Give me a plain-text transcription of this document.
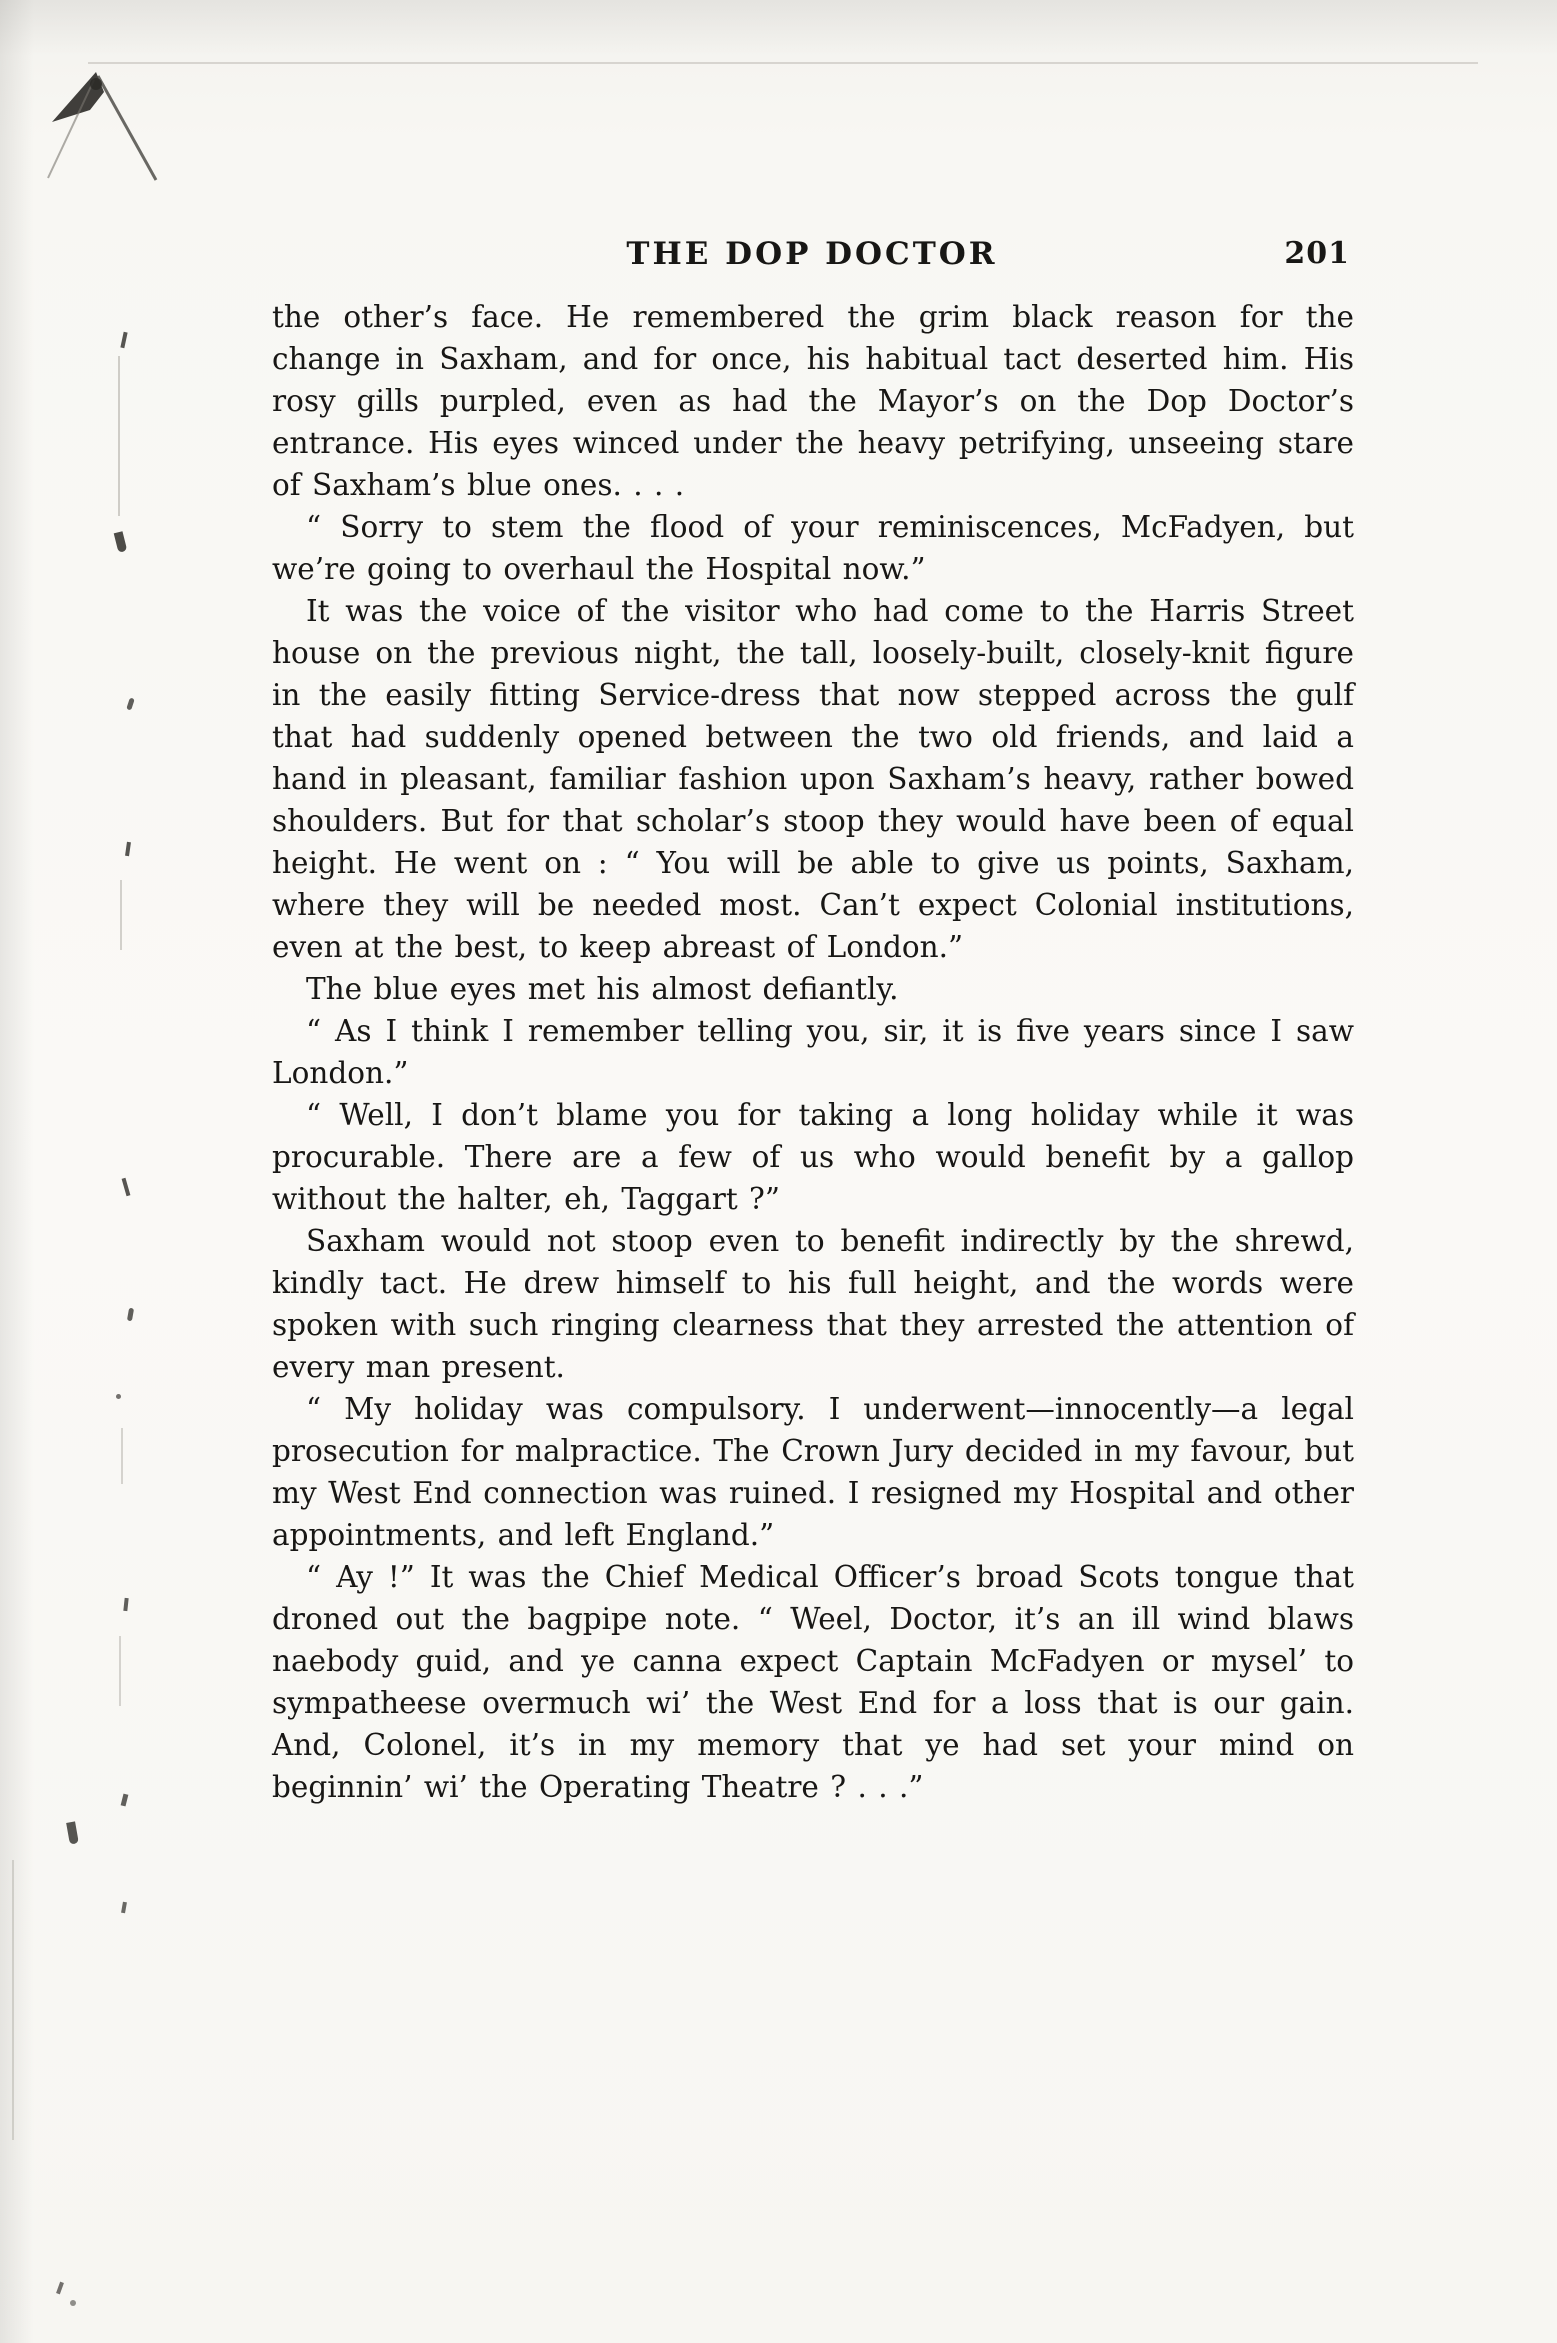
THE DOP DOCTOR	201

the other’s face. He remembered the grim black reason for the change in Saxham, and for once, his habitual tact deserted him. His rosy gills purpled, even as had the Mayor’s on the Dop Doctor’s entrance. His eyes winced under the heavy petrifying, unseeing stare of Saxham’s blue ones. . . .

“ Sorry to stem the flood of your reminiscences, McFadyen, but we’re going to overhaul the Hospital now.”

It was the voice of the visitor who had come to the Harris Street house on the previous night, the tall, loosely-built, closely-knit figure in the easily fitting Service-dress that now stepped across the gulf that had suddenly opened between the two old friends, and laid a hand in pleasant, familiar fashion upon Saxham’s heavy, rather bowed shoulders. But for that scholar’s stoop they would have been of equal height. He went on : “ You will be able to give us points, Saxham, where they will be needed most. Can’t expect Colonial institutions, even at the best, to keep abreast of London.”

The blue eyes met his almost defiantly.

“ As I think I remember telling you, sir, it is five years since I saw London.”

“ Well, I don’t blame you for taking a long holiday while it was procurable. There are a few of us who would benefit by a gallop without the halter, eh, Taggart ?”

Saxham would not stoop even to benefit indirectly by the shrewd, kindly tact. He drew himself to his full height, and the words were spoken with such ringing clearness that they arrested the attention of every man present.

“ My holiday was compulsory. I underwent—innocently—a legal prosecution for malpractice. The Crown Jury decided in my favour, but my West End connection was ruined. I resigned my Hospital and other appointments, and left England.”

“ Ay !” It was the Chief Medical Officer’s broad Scots tongue that droned out the bagpipe note. “ Weel, Doctor, it’s an ill wind blaws naebody guid, and ye canna expect Captain McFadyen or mysel’ to sympatheese overmuch wi’ the West End for a loss that is our gain. And, Colonel, it’s in my memory that ye had set your mind on beginnin’ wi’ the Operating Theatre ? . . .”
